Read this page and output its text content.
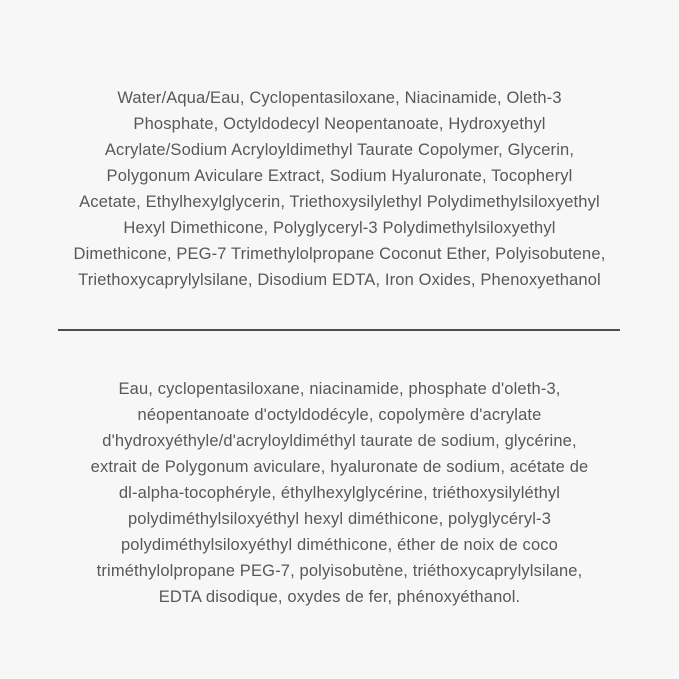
Water/Aqua/Eau, Cyclopentasiloxane, Niacinamide, Oleth-3
Phosphate, Octyldodecyl Neopentanoate, Hydroxyethyl
Acrylate/Sodium Acryloyldimethyl Taurate Copolymer, Glycerin,
Polygonum Aviculare Extract, Sodium Hyaluronate, Tocopheryl
Acetate, Ethylhexylglycerin, Triethoxysilylethyl Polydimethylsiloxyethyl
Hexyl Dimethicone, Polyglyceryl-3 Polydimethylsiloxyethyl
Dimethicone, PEG-7 Trimethylolpropane Coconut Ether, Polyisobutene,
Triethoxycaprylylsilane, Disodium EDTA, Iron Oxides, Phenoxyethanol
Eau, cyclopentasiloxane, niacinamide, phosphate d'oleth-3,
néopentanoate d'octyldodécyle, copolymère d'acrylate
d'hydroxyéthyle/d'acryloyldiméthyl taurate de sodium, glycérine,
extrait de Polygonum aviculare, hyaluronate de sodium, acétate de
dl-alpha-tocophéryle, éthylhexylglycérine, triéthoxysilyléthyl
polydiméthylsiloxyéthyl hexyl diméthicone, polyglycéryl-3
polydiméthylsiloxyéthyl diméthicone, éther de noix de coco
triméthylolpropane PEG-7, polyisobutène, triéthoxycaprylylsilane,
EDTA disodique, oxydes de fer, phénoxyéthanol.
